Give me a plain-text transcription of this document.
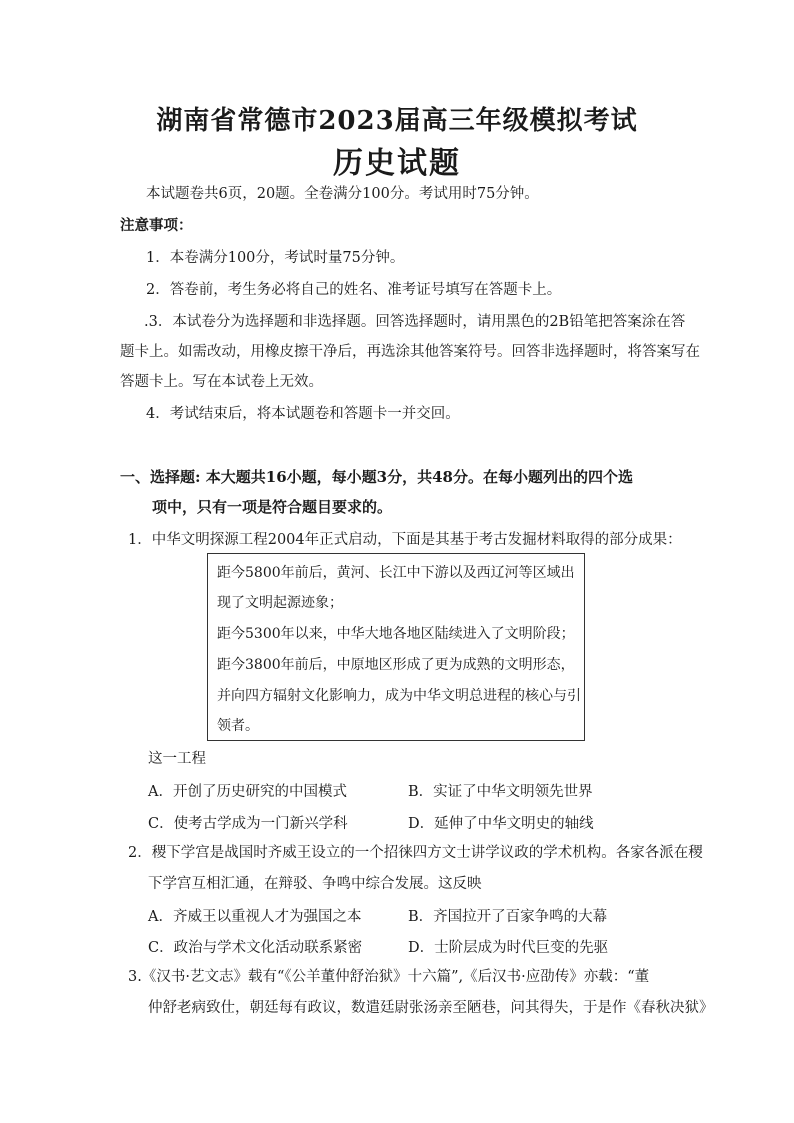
湖南省常德市2023届高三年级模拟考试
历史试题
本试题卷共6页，20题。全卷满分100分。考试用时75分钟。
注意事项：
1．本卷满分100分，考试时量75分钟。
2．答卷前，考生务必将自己的姓名、准考证号填写在答题卡上。
.3．本试卷分为选择题和非选择题。回答选择题时，请用黑色的2B铅笔把答案涂在答
题卡上。如需改动，用橡皮擦干净后，再选涂其他答案符号。回答非选择题时，将答案写在
答题卡上。写在本试卷上无效。
4．考试结束后，将本试题卷和答题卡一并交回。
一、选择题: 本大题共16小题，每小题3分，共48分。在每小题列出的四个选
项中，只有一项是符合题目要求的。
1．中华文明探源工程2004年正式启动，下面是其基于考古发掘材料取得的部分成果：
距今5800年前后，黄河、长江中下游以及西辽河等区域出
现了文明起源迹象；
距今5300年以来，中华大地各地区陆续进入了文明阶段；
距今3800年前后，中原地区形成了更为成熟的文明形态，
并向四方辐射文化影响力，成为中华文明总进程的核心与引
领者。
这一工程
A．开创了历史研究的中国模式	B．实证了中华文明领先世界
C．使考古学成为一门新兴学科	D．延伸了中华文明史的轴线
2．稷下学宫是战国时齐威王设立的一个招徕四方文士讲学议政的学术机构。各家各派在稷
下学宫互相汇通，在辩驳、争鸣中综合发展。这反映
A．齐威王以重视人才为强国之本	B．齐国拉开了百家争鸣的大幕
C．政治与学术文化活动联系紧密	D．士阶层成为时代巨变的先驱
3.《汉书·艺文志》载有“《公羊董仲舒治狱》十六篇”,《后汉书·应劭传》亦载：“董
仲舒老病致仕，朝廷每有政议，数遣廷尉张汤亲至陋巷，问其得失，于是作《春秋决狱》
